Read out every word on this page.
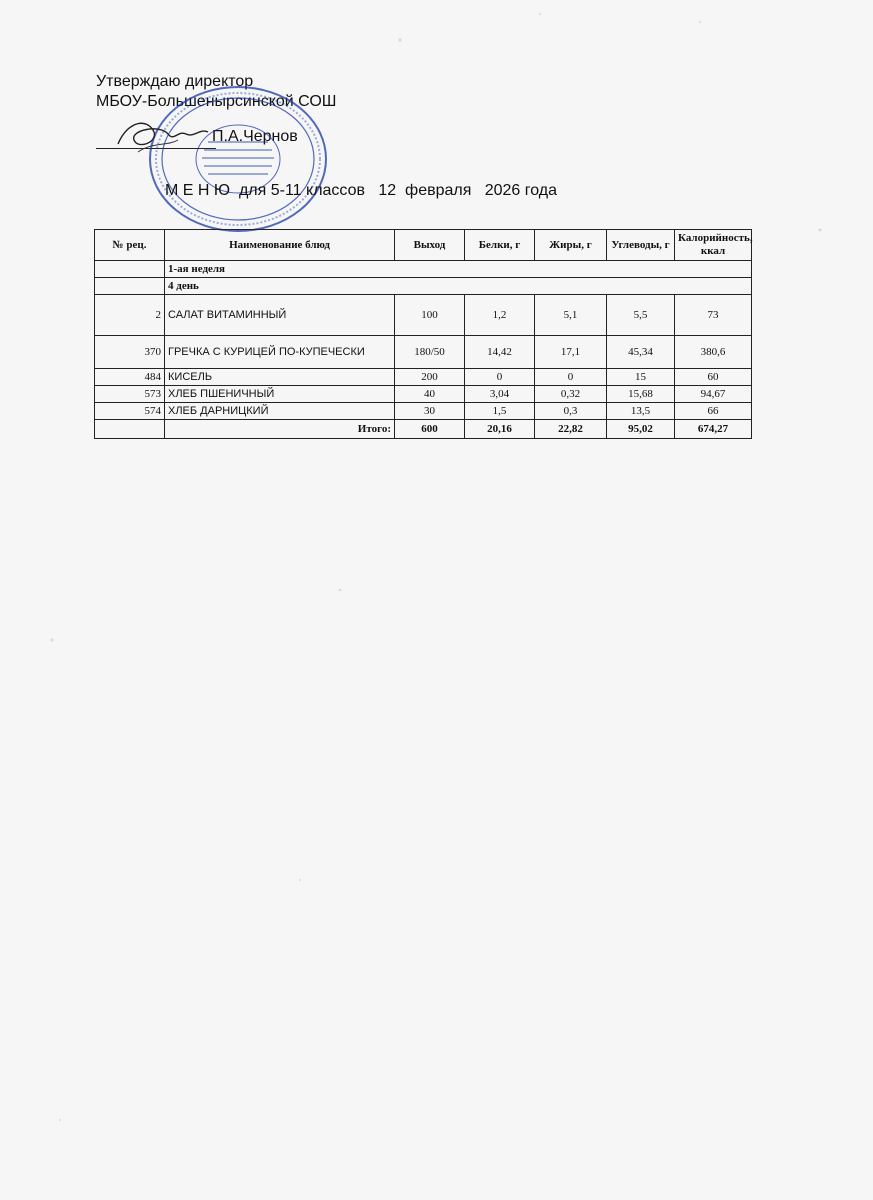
Утверждаю директор
МБОУ-Большенырсинской СОШ
П.А.Чернов
М Е Н Ю  для 5-11 классов   12  февраля   2026 года
№ рец.	Наименование блюд	Выход	Белки, г	Жиры, г	Углеводы, г	Калорийность, ккал
	1-ая неделя					
	4 день					
2	САЛАТ ВИТАМИННЫЙ	100	1,2	5,1	5,5	73
370	ГРЕЧКА С КУРИЦЕЙ ПО-КУПЕЧЕСКИ	180/50	14,42	17,1	45,34	380,6
484	КИСЕЛЬ	200	0	0	15	60
573	ХЛЕБ ПШЕНИЧНЫЙ	40	3,04	0,32	15,68	94,67
574	ХЛЕБ ДАРНИЦКИЙ	30	1,5	0,3	13,5	66
	Итого:	600	20,16	22,82	95,02	674,27
